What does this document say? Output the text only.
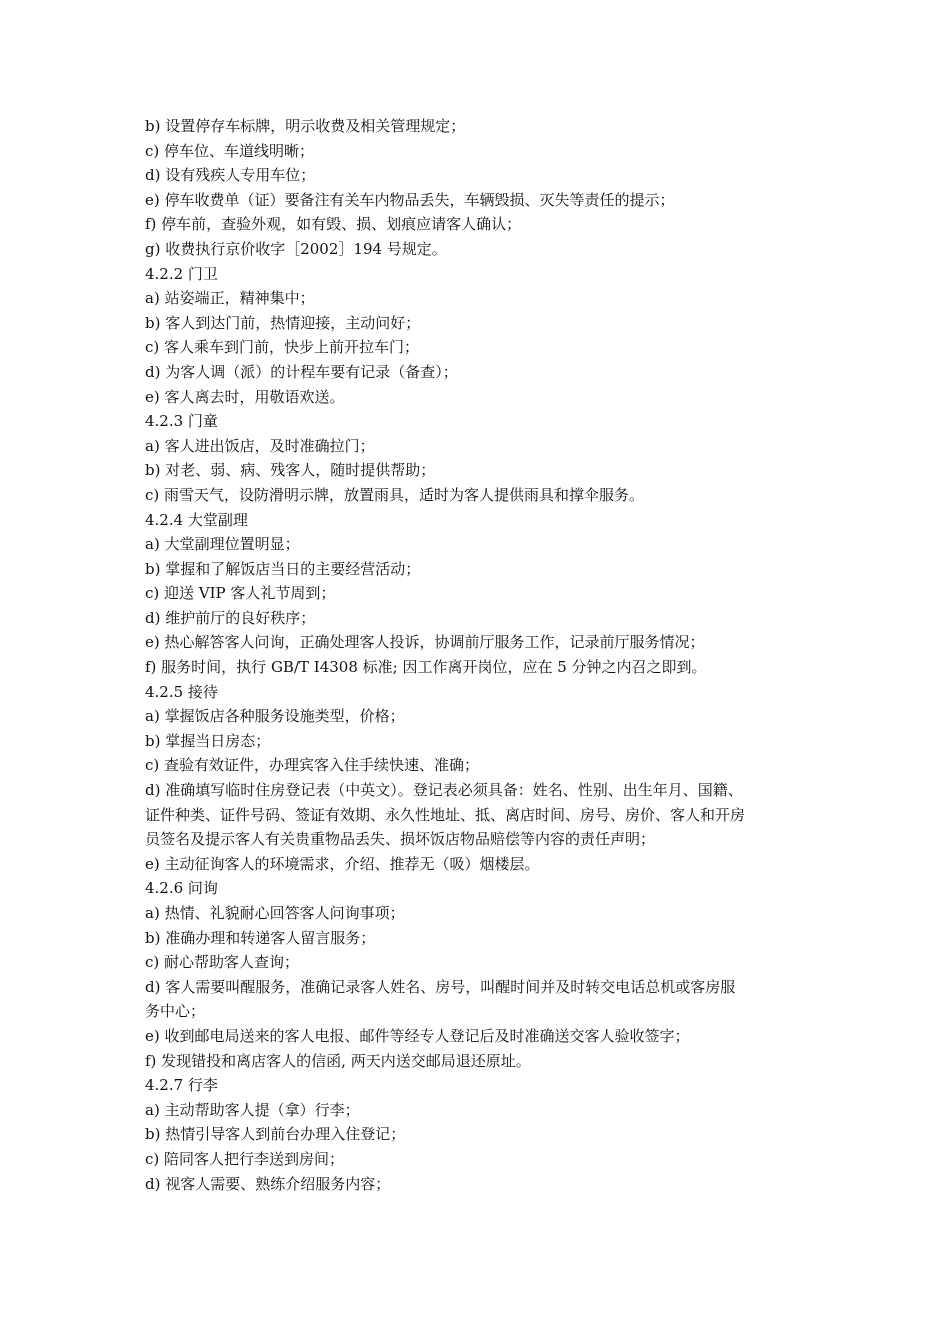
b) 设置停存车标牌，明示收费及相关管理规定；
c) 停车位、车道线明晰；
d) 设有残疾人专用车位；
e) 停车收费单（证）要备注有关车内物品丢失，车辆毁损、灭失等责任的提示；
f) 停车前，查验外观，如有毁、损、划痕应请客人确认；
g) 收费执行京价收字［2002］194 号规定。
4.2.2 门卫
a) 站姿端正，精神集中；
b) 客人到达门前，热情迎接，主动问好；
c) 客人乘车到门前，快步上前开拉车门；
d) 为客人调（派）的计程车要有记录（备查）；
e) 客人离去时，用敬语欢送。
4.2.3 门童
a) 客人进出饭店，及时准确拉门；
b) 对老、弱、病、残客人，随时提供帮助；
c) 雨雪天气，设防滑明示牌，放置雨具，适时为客人提供雨具和撑伞服务。
4.2.4 大堂副理
a) 大堂副理位置明显；
b) 掌握和了解饭店当日的主要经营活动；
c) 迎送 VIP 客人礼节周到；
d) 维护前厅的良好秩序；
e) 热心解答客人问询，正确处理客人投诉，协调前厅服务工作，记录前厅服务情况；
f) 服务时间，执行 GB/T I4308 标准; 因工作离开岗位，应在 5 分钟之内召之即到。
4.2.5 接待
a) 掌握饭店各种服务设施类型，价格；
b) 掌握当日房态；
c) 查验有效证件，办理宾客入住手续快速、准确；
d) 准确填写临时住房登记表（中英文）。登记表必须具备：姓名、性别、出生年月、国籍、
证件种类、证件号码、签证有效期、永久性地址、抵、离店时间、房号、房价、客人和开房
员签名及提示客人有关贵重物品丢失、损坏饭店物品赔偿等内容的责任声明；
e) 主动征询客人的环境需求，介绍、推荐无（吸）烟楼层。
4.2.6 问询
a) 热情、礼貌耐心回答客人问询事项；
b) 准确办理和转递客人留言服务；
c) 耐心帮助客人查询；
d) 客人需要叫醒服务，准确记录客人姓名、房号，叫醒时间并及时转交电话总机或客房服
务中心；
e) 收到邮电局送来的客人电报、邮件等经专人登记后及时准确送交客人验收签字；
f) 发现错投和离店客人的信函, 两天内送交邮局退还原址。
4.2.7 行李
a) 主动帮助客人提（拿）行李；
b) 热情引导客人到前台办理入住登记；
c) 陪同客人把行李送到房间；
d) 视客人需要、熟练介绍服务内容；
